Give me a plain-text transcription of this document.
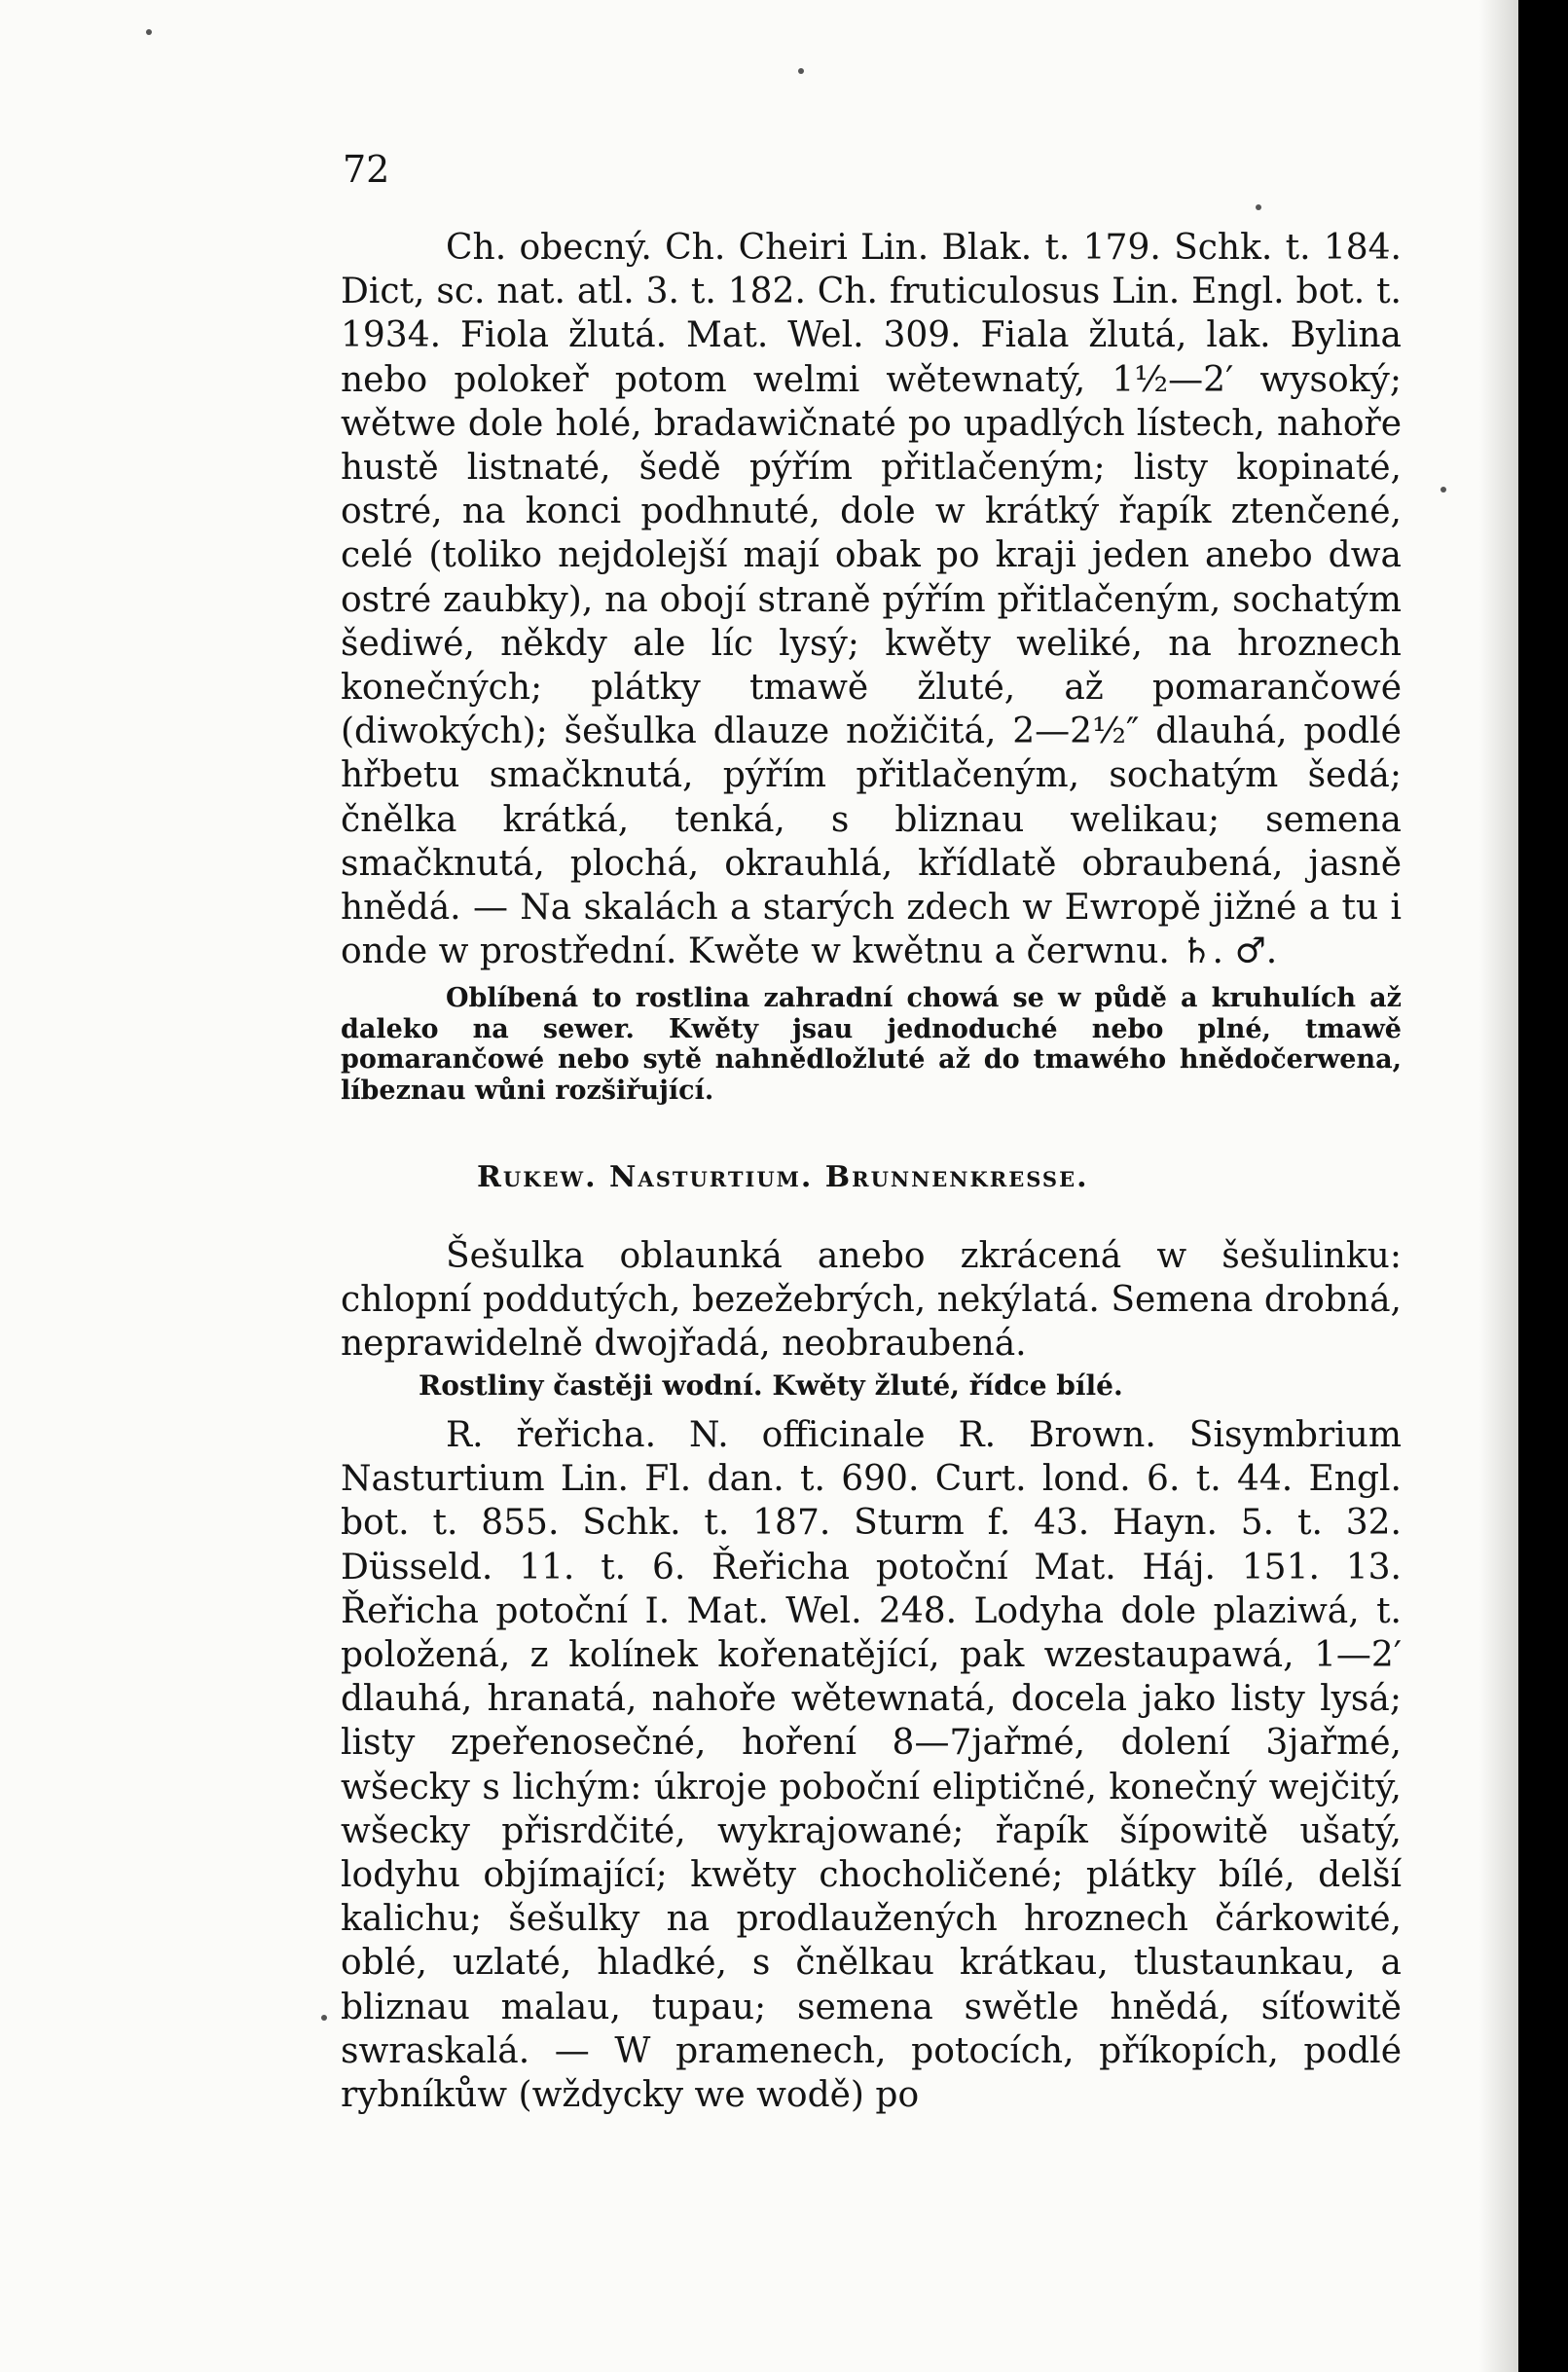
72

Ch. obecný. Ch. Cheiri Lin. Blak. t. 179. Schk. t. 184. Dict, sc. nat. atl. 3. t. 182. Ch. fruticulosus Lin. Engl. bot. t. 1934. Fiola žlutá. Mat. Wel. 309. Fiala žlutá, lak. Bylina nebo polokeř potom welmi wětewnatý, 1½—2′ wysoký; wětwe dole holé, bradawičnaté po upadlých lístech, nahoře hustě listnaté, šedě pýřím přitlačeným; listy kopinaté, ostré, na konci podhnuté, dole w krátký řapík ztenčené, celé (toliko nejdolejší mají obak po kraji jeden anebo dwa ostré zaubky), na obojí straně pýřím přitlačeným, sochatým šediwé, někdy ale líc lysý; kwěty weliké, na hroznech konečných; plátky tmawě žluté, až pomarančowé (diwokých); šešulka dlauze nožičitá, 2—2½″ dlauhá, podlé hřbetu smačknutá, pýřím přitlačeným, sochatým šedá; čnělka krátká, tenká, s bliznau welikau; semena smačknutá, plochá, okrauhlá, křídlatě obraubená, jasně hnědá. — Na skalách a starých zdech w Ewropě jižné a tu i onde w prostřední. Kwěte w kwětnu a čerwnu. ♄. ♂.

Oblíbená to rostlina zahradní chowá se w půdě a kruhulích až daleko na sewer. Kwěty jsau jednoduché nebo plné, tmawě pomarančowé nebo sytě nahnědložluté až do tmawého hnědočerwena, líbeznau wůni rozšiřující.

Rukew. Nasturtium. Brunnenkresse.

Šešulka oblaunká anebo zkrácená w šešulinku: chlopní poddutých, bezežebrých, nekýlatá. Semena drobná, neprawidelně dwojřadá, neobraubená.

Rostliny častěji wodní. Kwěty žluté, řídce bílé.

R. řeřicha. N. officinale R. Brown. Sisymbrium Nasturtium Lin. Fl. dan. t. 690. Curt. lond. 6. t. 44. Engl. bot. t. 855. Schk. t. 187. Sturm f. 43. Hayn. 5. t. 32. Düsseld. 11. t. 6. Řeřicha potoční Mat. Háj. 151. 13. Řeřicha potoční I. Mat. Wel. 248. Lodyha dole plaziwá, t. položená, z kolínek kořenatějící, pak wzestaupawá, 1—2′ dlauhá, hranatá, nahoře wětewnatá, docela jako listy lysá; listy zpeřenosečné, hoření 8—7jařmé, dolení 3jařmé, wšecky s lichým: úkroje poboční eliptičné, konečný wejčitý, wšecky přisrdčité, wykrajowané; řapík šípowitě ušatý, lodyhu objímající; kwěty chocholičené; plátky bílé, delší kalichu; šešulky na prodlaužených hroznech čárkowité, oblé, uzlaté, hladké, s čnělkau krátkau, tlustaunkau, a bliznau malau, tupau; semena swětle hnědá, síťowitě swraskalá. — W pramenech, potocích, příkopích, podlé rybníkůw (wždycky we wodě) po
